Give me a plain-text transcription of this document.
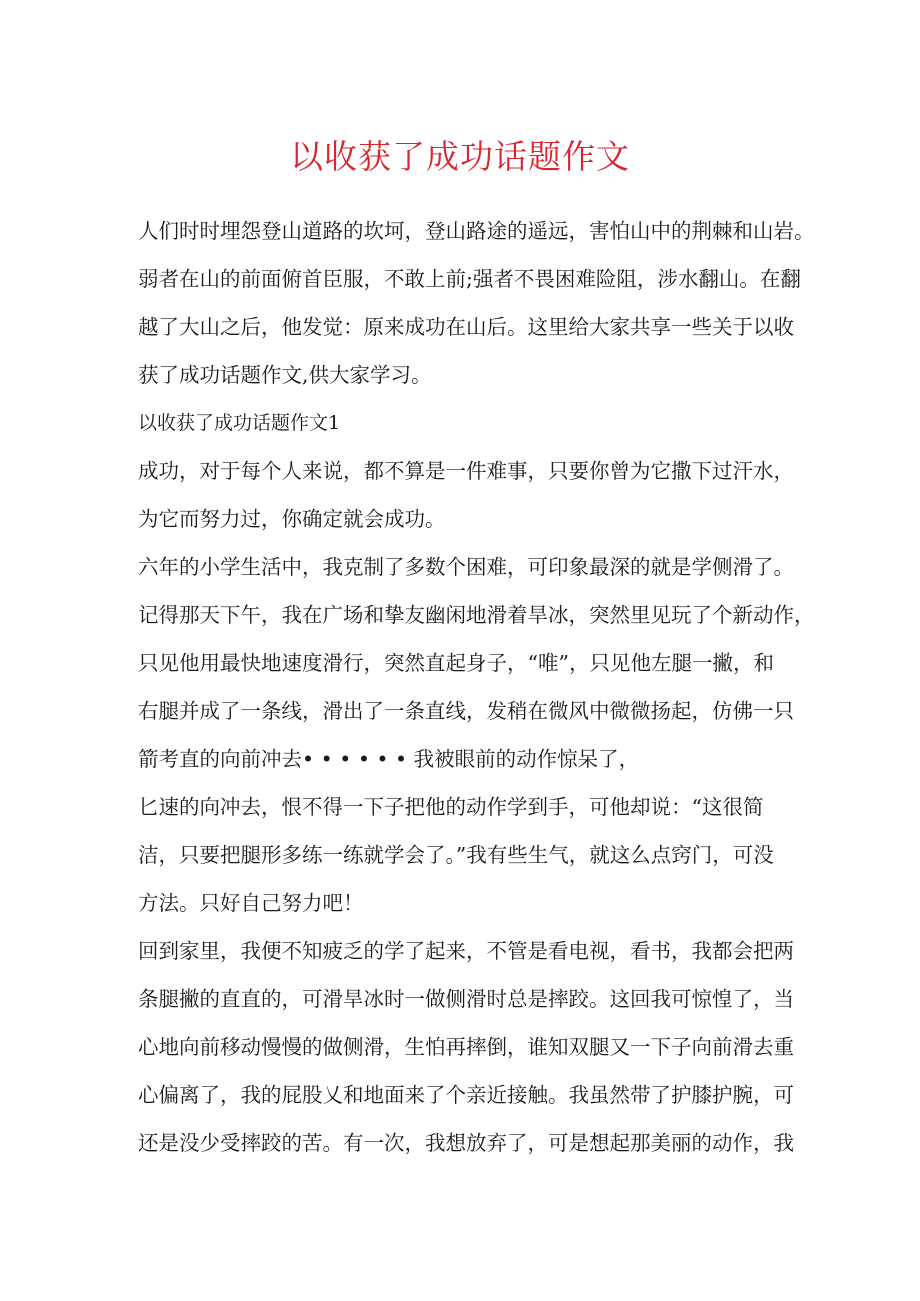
以收获了成功话题作文

人们时时埋怨登山道路的坎坷，登山路途的遥远，害怕山中的荆棘和山岩。

弱者在山的前面俯首臣服，不敢上前;强者不畏困难险阻，涉水翻山。在翻

越了大山之后，他发觉：原来成功在山后。这里给大家共享一些关于以收

获了成功话题作文,供大家学习。

以收获了成功话题作文1

成功，对于每个人来说，都不算是一件难事，只要你曾为它撒下过汗水，

为它而努力过，你确定就会成功。

六年的小学生活中，我克制了多数个困难，可印象最深的就是学侧滑了。

记得那天下午，我在广场和挚友幽闲地滑着旱冰，突然里见玩了个新动作，

只见他用最快地速度滑行，突然直起身子，“唯”，只见他左腿一撇，和

右腿并成了一条线，滑出了一条直线，发稍在微风中微微扬起，仿佛一只

箭考直的向前冲去• • • • • • 我被眼前的动作惊呆了，

匕速的向冲去，恨不得一下子把他的动作学到手，可他却说：“这很简

洁，只要把腿形多练一练就学会了。”我有些生气，就这么点窍门，可没

方法。只好自己努力吧！

回到家里，我便不知疲乏的学了起来，不管是看电视，看书，我都会把两

条腿撇的直直的，可滑旱冰时一做侧滑时总是摔跤。这回我可惊惶了，当

心地向前移动慢慢的做侧滑，生怕再摔倒，谁知双腿又一下子向前滑去重

心偏离了，我的屁股乂和地面来了个亲近接触。我虽然带了护膝护腕，可

还是没少受摔跤的苦。有一次，我想放弃了，可是想起那美丽的动作，我
